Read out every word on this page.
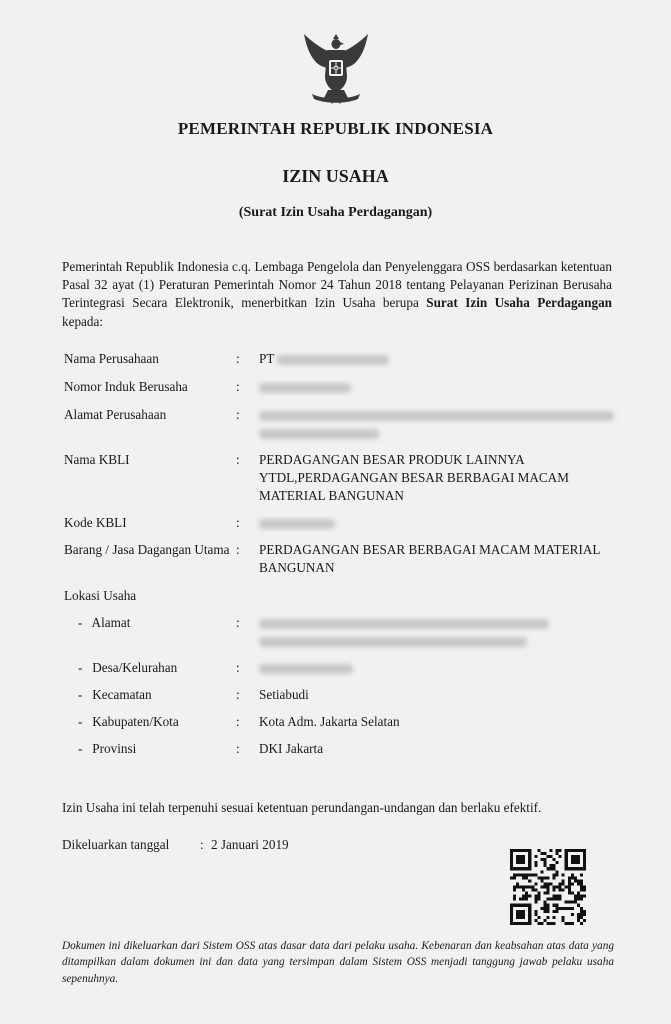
PEMERINTAH REPUBLIK INDONESIA
IZIN USAHA
(Surat Izin Usaha Perdagangan)
Pemerintah Republik Indonesia c.q. Lembaga Pengelola dan Penyelenggara OSS berdasarkan ketentuan Pasal 32 ayat (1) Peraturan Pemerintah Nomor 24 Tahun 2018 tentang Pelayanan Perizinan Berusaha Terintegrasi Secara Elektronik, menerbitkan Izin Usaha berupa Surat Izin Usaha Perdagangan kepada:
Nama Perusahaan	: PT
Nomor Induk Berusaha	:
Alamat Perusahaan	:

Nama KBLI	: PERDAGANGAN BESAR PRODUK LAINNYA YTDL,PERDAGANGAN BESAR BERBAGAI MACAM MATERIAL BANGUNAN
Kode KBLI	:
Barang / Jasa Dagangan Utama : PERDAGANGAN BESAR BERBAGAI MACAM MATERIAL BANGUNAN
Lokasi Usaha
-   Alamat	:

-   Desa/Kelurahan	:
-   Kecamatan	: Setiabudi
-   Kabupaten/Kota	: Kota Adm. Jakarta Selatan
-   Provinsi	: DKI Jakarta
Izin Usaha ini telah terpenuhi sesuai ketentuan perundangan-undangan dan berlaku efektif.
Dikeluarkan tanggal : 2 Januari 2019
Dokumen ini dikeluarkan dari Sistem OSS atas dasar data dari pelaku usaha. Kebenaran dan keabsahan atas data yang ditampilkan dalam dokumen ini dan data yang tersimpan dalam Sistem OSS menjadi tanggung jawab pelaku usaha sepenuhnya.
